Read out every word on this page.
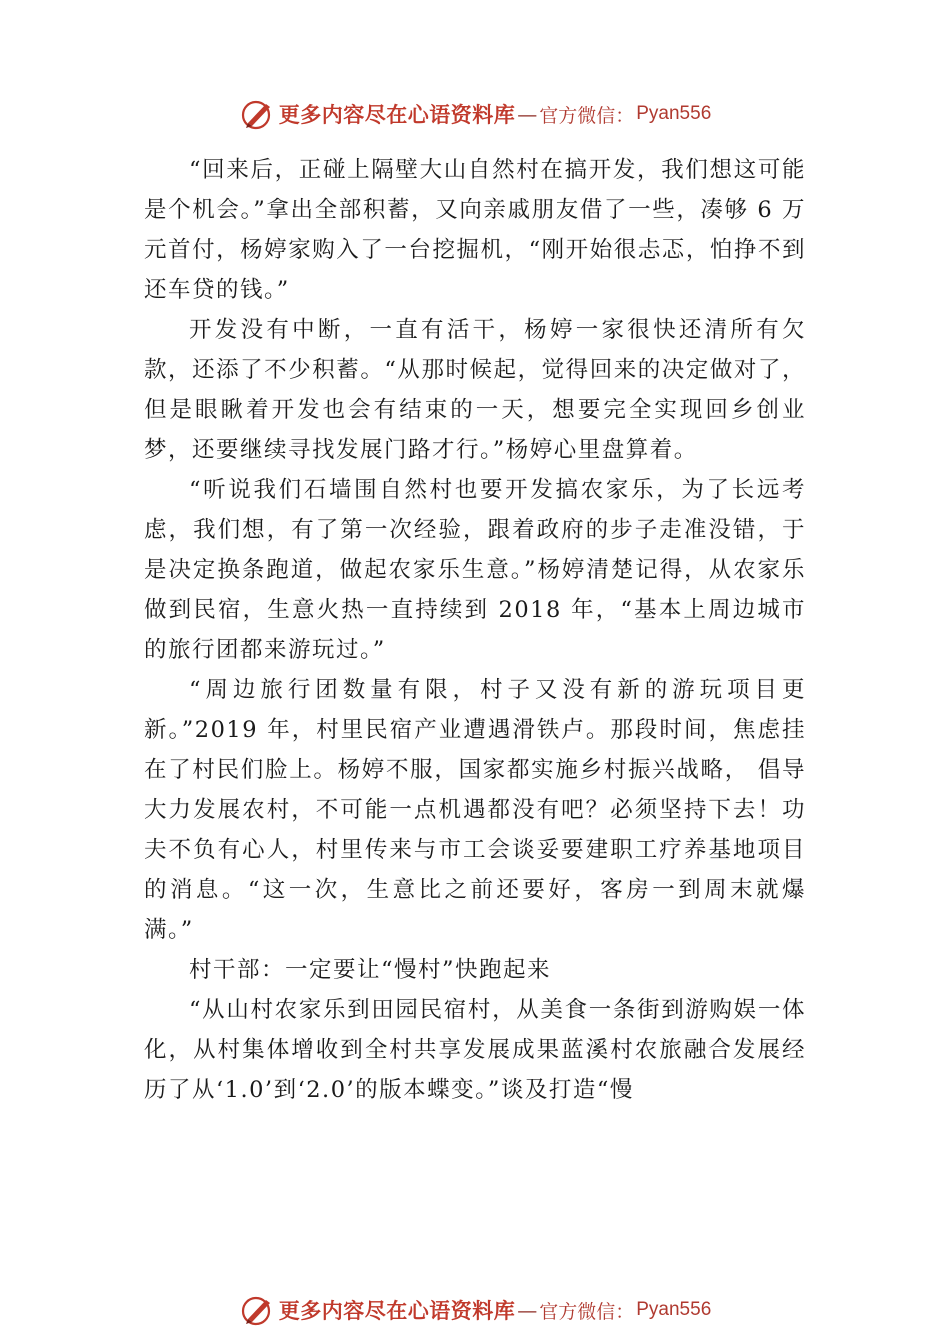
更多内容尽在心语资料库 — 官方微信： Pyan556

“回来后，正碰上隔壁大山自然村在搞开发，我们想这可能是个机会。”拿出全部积蓄，又向亲戚朋友借了一些，凑够 6 万元首付，杨婷家购入了一台挖掘机，“刚开始很忐忑，怕挣不到还车贷的钱。”

开发没有中断，一直有活干，杨婷一家很快还清所有欠款，还添了不少积蓄。“从那时候起，觉得回来的决定做对了，但是眼瞅着开发也会有结束的一天，想要完全实现回乡创业梦，还要继续寻找发展门路才行。”杨婷心里盘算着。

“听说我们石墙围自然村也要开发搞农家乐，为了长远考虑，我们想，有了第一次经验，跟着政府的步子走准没错，于是决定换条跑道，做起农家乐生意。”杨婷清楚记得，从农家乐做到民宿，生意火热一直持续到 2018 年，“基本上周边城市的旅行团都来游玩过。”

“周边旅行团数量有限，村子又没有新的游玩项目更新。”2019 年，村里民宿产业遭遇滑铁卢。那段时间，焦虑挂在了村民们脸上。杨婷不服，国家都实施乡村振兴战略， 倡导大力发展农村，不可能一点机遇都没有吧？必须坚持下去！功夫不负有心人，村里传来与市工会谈妥要建职工疗养基地项目的消息。“这一次，生意比之前还要好，客房一到周末就爆满。”

村干部：一定要让“慢村”快跑起来

“从山村农家乐到田园民宿村，从美食一条街到游购娱一体化，从村集体增收到全村共享发展成果蓝溪村农旅融合发展经历了从‘1.0’到‘2.0’的版本蝶变。”谈及打造“慢

更多内容尽在心语资料库 — 官方微信： Pyan556
